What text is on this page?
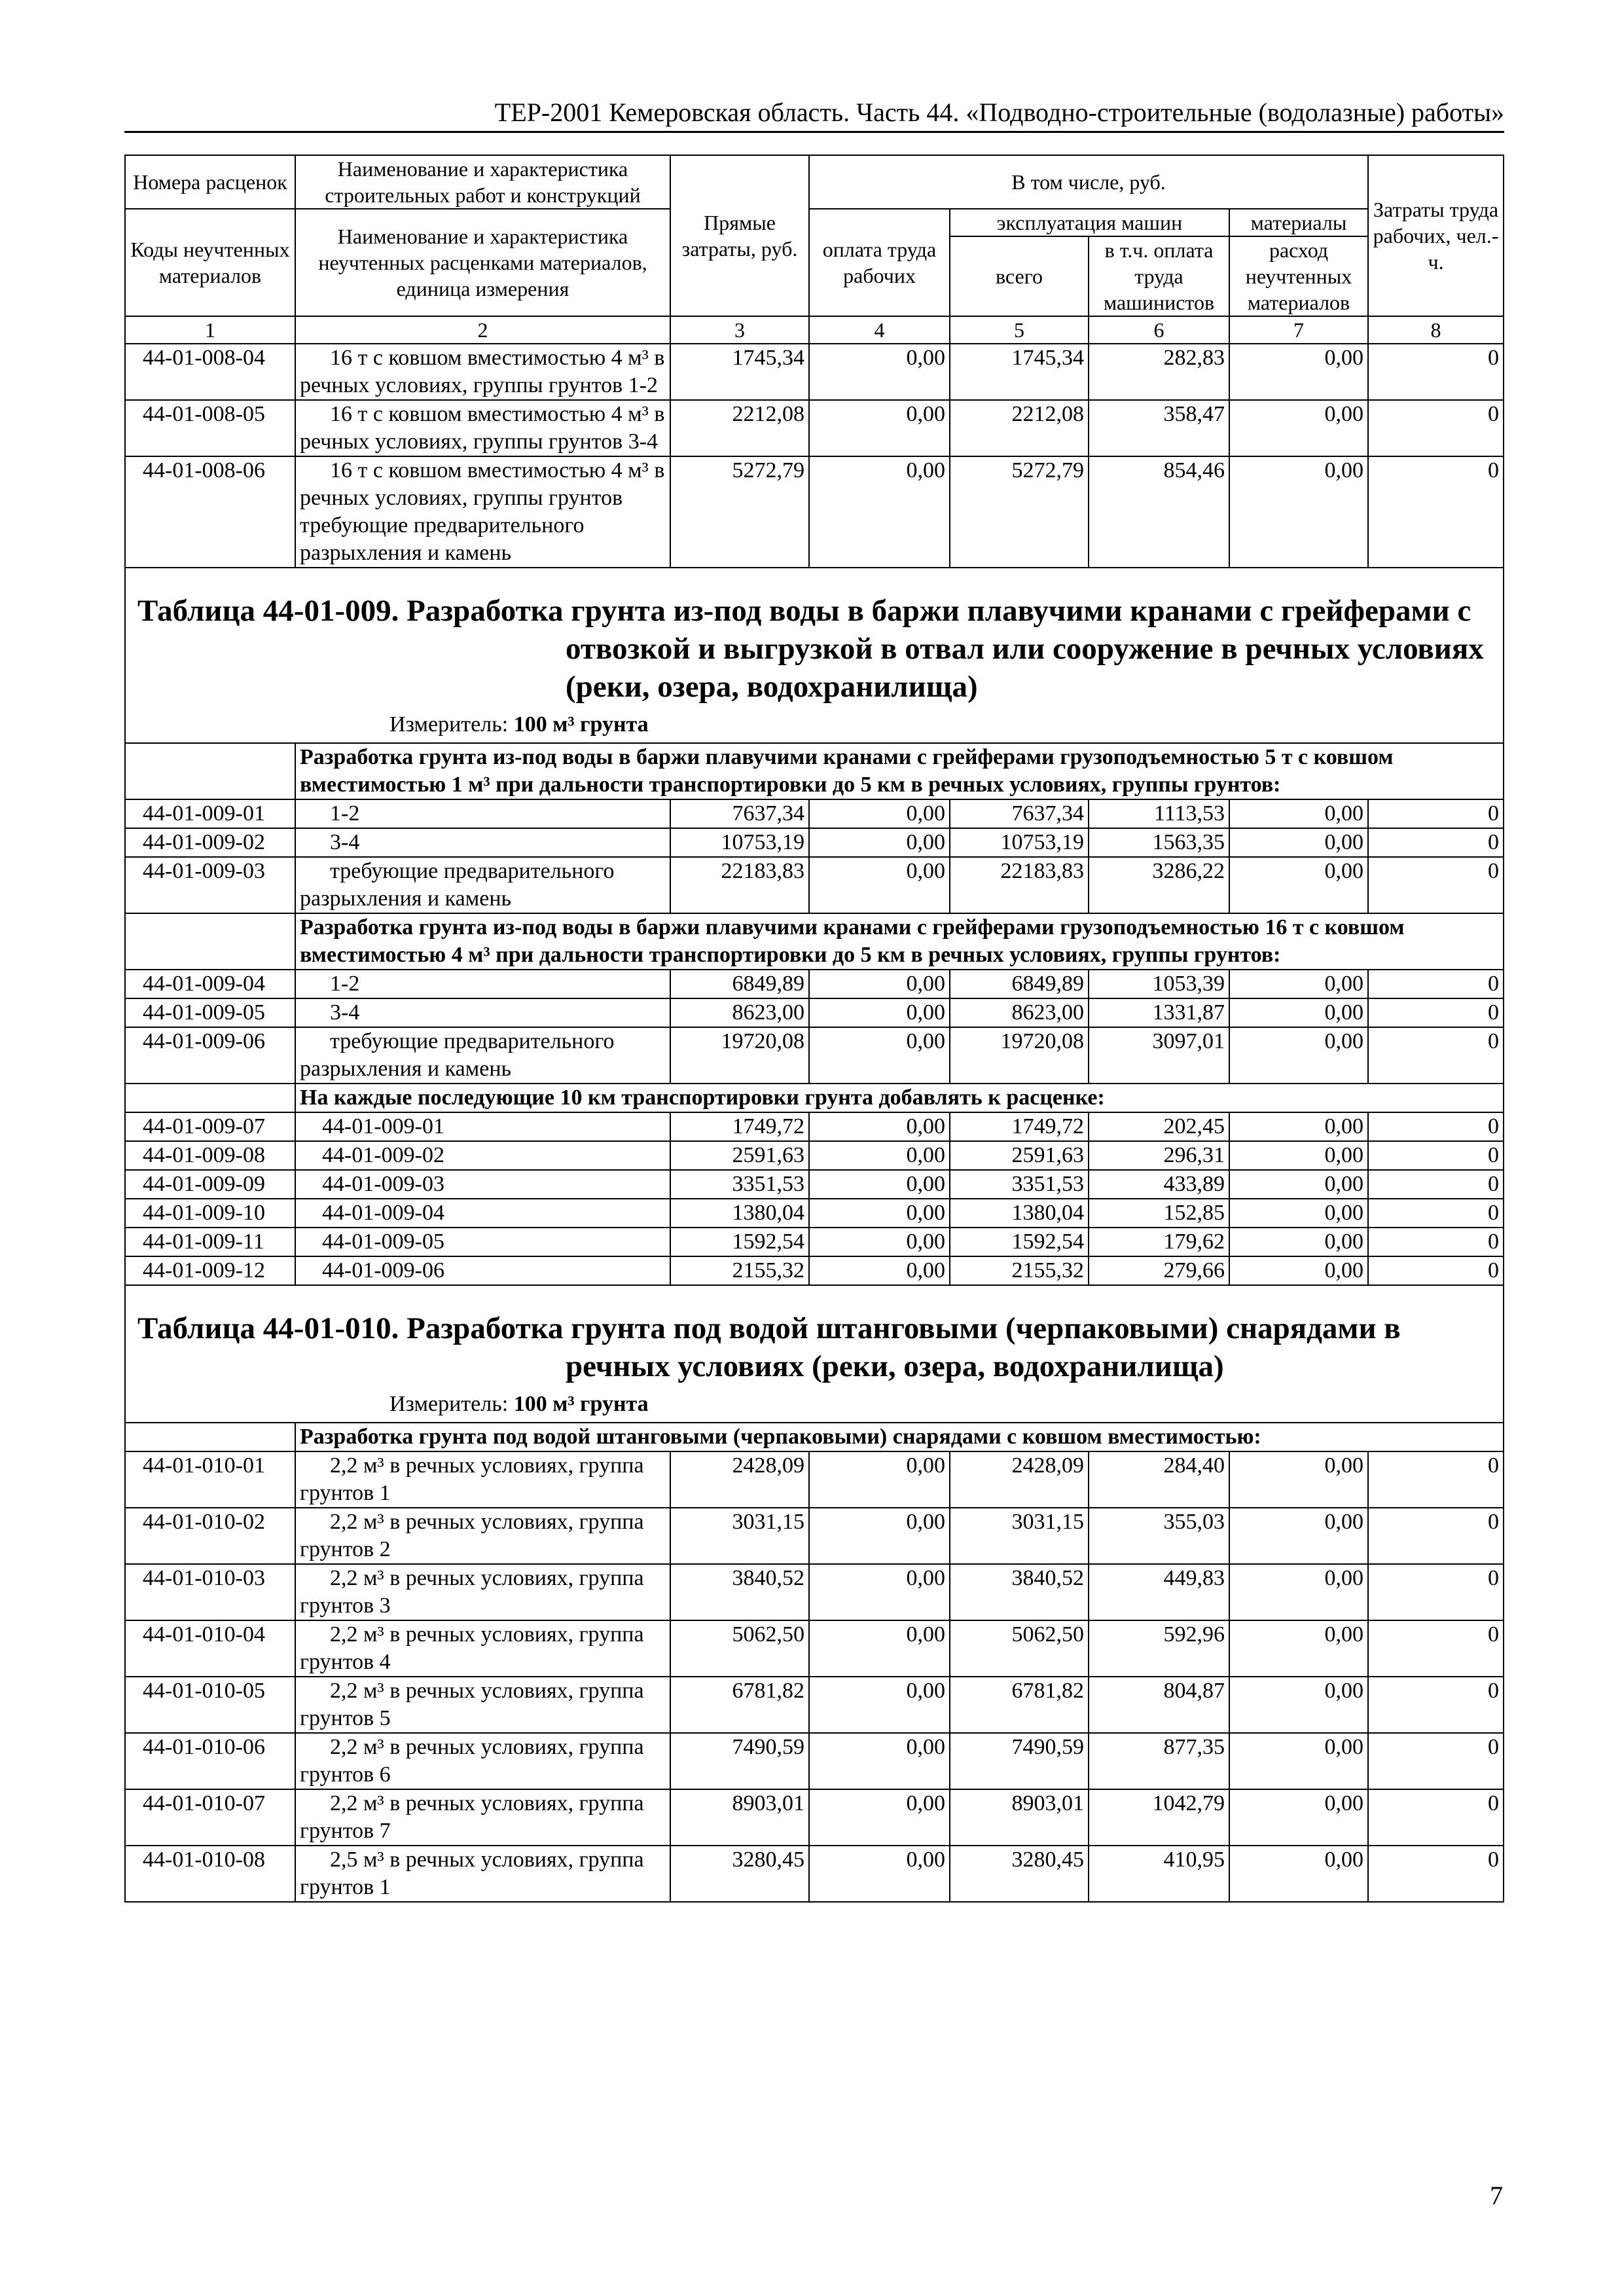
ТЕР-2001 Кемеровская область. Часть 44. «Подводно-строительные (водолазные) работы»
Номера расценок	Наименование и характеристика строительных работ и конструкций	Прямые затраты, руб.	В том числе, руб.				Затраты труда рабочих, чел.-ч.
Коды неучтенных материалов	Наименование и характеристика неучтенных расценками материалов, единица измерения		оплата труда рабочих	эксплуатация машин		материалы	
				всего	в т.ч. оплата труда машинистов	расход неучтенных материалов	
1	2	3	4	5	6	7	8
44-01-008-04	16 т с ковшом вместимостью 4 м³ в речных условиях, группы грунтов 1-2	1745,34	0,00	1745,34	282,83	0,00	0
44-01-008-05	16 т с ковшом вместимостью 4 м³ в речных условиях, группы грунтов 3-4	2212,08	0,00	2212,08	358,47	0,00	0
44-01-008-06	16 т с ковшом вместимостью 4 м³ в речных условиях, группы грунтов требующие предварительного разрыхления и камень	5272,79	0,00	5272,79	854,46	0,00	0

Таблица 44-01-009. Разработка грунта из-под воды в баржи плавучими кранами с грейферами с отвозкой и выгрузкой в отвал или сооружение в речных условиях (реки, озера, водохранилища)
Измеритель: 100 м³ грунта							

	Разработка грунта из-под воды в баржи плавучими кранами с грейферами грузоподъемностью 5 т с ковшом вместимостью 1 м³ при дальности транспортировки до 5 км в речных условиях, группы грунтов:						
44-01-009-01	1-2	7637,34	0,00	7637,34	1113,53	0,00	0
44-01-009-02	3-4	10753,19	0,00	10753,19	1563,35	0,00	0
44-01-009-03	требующие предварительного разрыхления и камень	22183,83	0,00	22183,83	3286,22	0,00	0
	Разработка грунта из-под воды в баржи плавучими кранами с грейферами грузоподъемностью 16 т с ковшом вместимостью 4 м³ при дальности транспортировки до 5 км в речных условиях, группы грунтов:						
44-01-009-04	1-2	6849,89	0,00	6849,89	1053,39	0,00	0
44-01-009-05	3-4	8623,00	0,00	8623,00	1331,87	0,00	0
44-01-009-06	требующие предварительного разрыхления и камень	19720,08	0,00	19720,08	3097,01	0,00	0
	На каждые последующие 10 км транспортировки грунта добавлять к расценке:						
44-01-009-07	44-01-009-01	1749,72	0,00	1749,72	202,45	0,00	0
44-01-009-08	44-01-009-02	2591,63	0,00	2591,63	296,31	0,00	0
44-01-009-09	44-01-009-03	3351,53	0,00	3351,53	433,89	0,00	0
44-01-009-10	44-01-009-04	1380,04	0,00	1380,04	152,85	0,00	0
44-01-009-11	44-01-009-05	1592,54	0,00	1592,54	179,62	0,00	0
44-01-009-12	44-01-009-06	2155,32	0,00	2155,32	279,66	0,00	0

Таблица 44-01-010. Разработка грунта под водой штанговыми (черпаковыми) снарядами в речных условиях (реки, озера, водохранилища)
Измеритель: 100 м³ грунта							

	Разработка грунта под водой штанговыми (черпаковыми) снарядами с ковшом вместимостью:						
44-01-010-01	2,2 м³ в речных условиях, группа грунтов 1	2428,09	0,00	2428,09	284,40	0,00	0
44-01-010-02	2,2 м³ в речных условиях, группа грунтов 2	3031,15	0,00	3031,15	355,03	0,00	0
44-01-010-03	2,2 м³ в речных условиях, группа грунтов 3	3840,52	0,00	3840,52	449,83	0,00	0
44-01-010-04	2,2 м³ в речных условиях, группа грунтов 4	5062,50	0,00	5062,50	592,96	0,00	0
44-01-010-05	2,2 м³ в речных условиях, группа грунтов 5	6781,82	0,00	6781,82	804,87	0,00	0
44-01-010-06	2,2 м³ в речных условиях, группа грунтов 6	7490,59	0,00	7490,59	877,35	0,00	0
44-01-010-07	2,2 м³ в речных условиях, группа грунтов 7	8903,01	0,00	8903,01	1042,79	0,00	0
44-01-010-08	2,5 м³ в речных условиях, группа грунтов 1	3280,45	0,00	3280,45	410,95	0,00	0
7
